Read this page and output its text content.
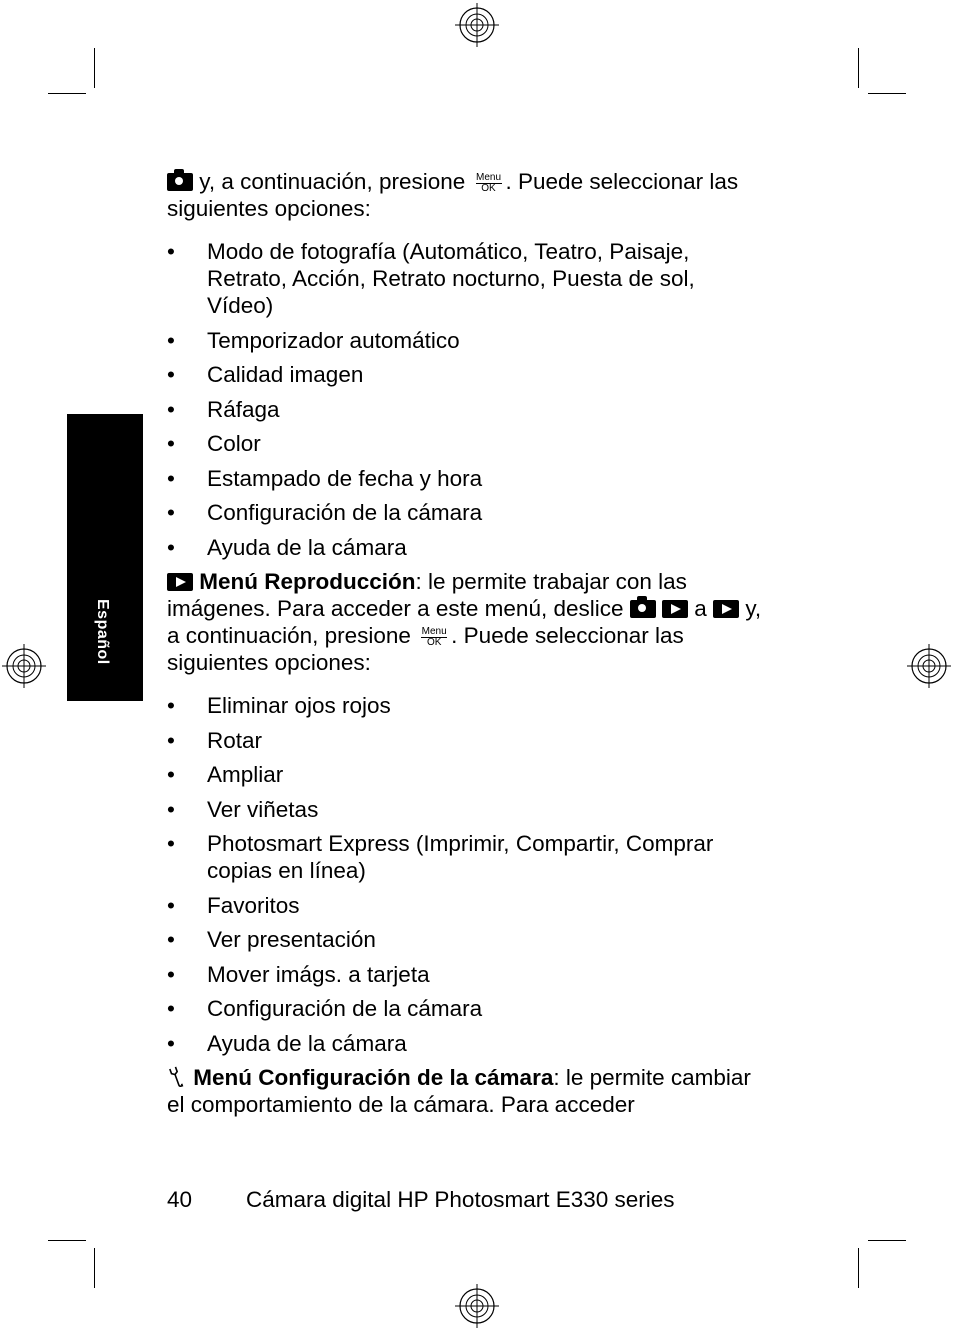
Español

y, a continuación, presione Menu
OK . Puede seleccionar las siguientes opciones:

• Modo de fotografía (Automático, Teatro, Paisaje, Retrato, Acción, Retrato nocturno, Puesta de sol, Vídeo)
• Temporizador automático
• Calidad imagen
• Ráfaga
• Color
• Estampado de fecha y hora
• Configuración de la cámara
• Ayuda de la cámara

Menú Reproducción: le permite trabajar con las imágenes. Para acceder a este menú, deslice	a  y, a continuación, presione Menu
OK . Puede seleccionar las siguientes opciones:

• Eliminar ojos rojos
• Rotar
• Ampliar
• Ver viñetas
• Photosmart Express (Imprimir, Compartir, Comprar copias en línea)
• Favoritos
• Ver presentación
• Mover imágs. a tarjeta
• Configuración de la cámara
• Ayuda de la cámara

Menú Configuración de la cámara: le permite cambiar el comportamiento de la cámara. Para acceder

40 Cámara digital HP Photosmart E330 series
